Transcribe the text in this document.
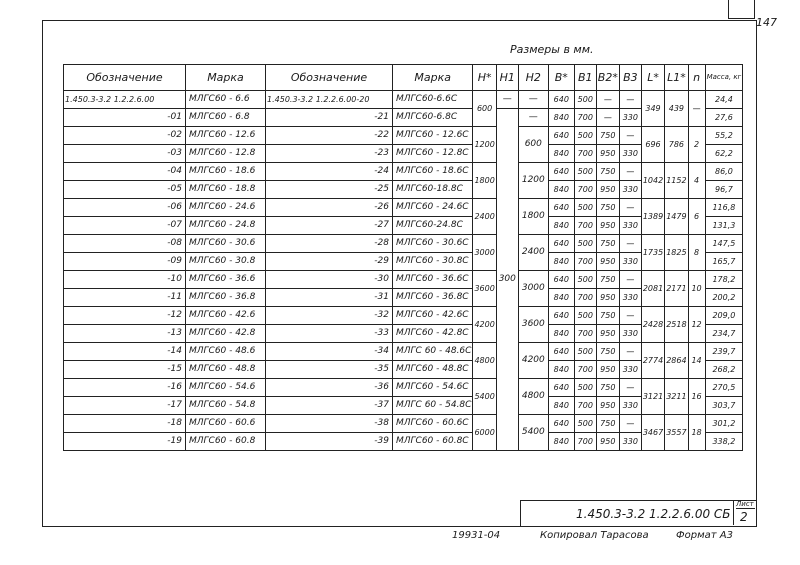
147
Размеры в мм.
Обозначение	Марка	Обозначение	Марка	H*	H1	H2	B*	B1	B2*	B3	L*	L1*	n	Масса, кг
1.450.3-3.2 1.2.2.6.00	МЛГС60 - 6.6	1.450.3-3.2 1.2.2.6.00-20	МЛГС60-6.6С	600	—	—	640	500	—	—	349	439	—	24,4
-01	МЛГС60 - 6.8	-21	МЛГС60-6.8С		300	—	840	700	—	330				27,6
-02	МЛГС60 - 12.6	-22	МЛГС60 - 12.6С	1200		600	640	500	750	—	696	786	2	55,2
-03	МЛГС60 - 12.8	-23	МЛГС60 - 12.8С				840	700	950	330				62,2
-04	МЛГС60 - 18.6	-24	МЛГС60 - 18.6С	1800		1200	640	500	750	—	1042	1152	4	86,0
-05	МЛГС60 - 18.8	-25	МЛГС60-18.8С				840	700	950	330				96,7
-06	МЛГС60 - 24.6	-26	МЛГС60 - 24.6С	2400		1800	640	500	750	—	1389	1479	6	116,8
-07	МЛГС60 - 24.8	-27	МЛГС60-24.8С				840	700	950	330				131,3
-08	МЛГС60 - 30.6	-28	МЛГС60 - 30.6С	3000		2400	640	500	750	—	1735	1825	8	147,5
-09	МЛГС60 - 30.8	-29	МЛГС60 - 30.8С				840	700	950	330				165,7
-10	МЛГС60 - 36.6	-30	МЛГС60 - 36.6С	3600		3000	640	500	750	—	2081	2171	10	178,2
-11	МЛГС60 - 36.8	-31	МЛГС60 - 36.8С				840	700	950	330				200,2
-12	МЛГС60 - 42.6	-32	МЛГС60 - 42.6С	4200		3600	640	500	750	—	2428	2518	12	209,0
-13	МЛГС60 - 42.8	-33	МЛГС60 - 42.8С				840	700	950	330				234,7
-14	МЛГС60 - 48.6	-34	МЛГС 60 - 48.6С	4800		4200	640	500	750	—	2774	2864	14	239,7
-15	МЛГС60 - 48.8	-35	МЛГС60 - 48.8С				840	700	950	330				268,2
-16	МЛГС60 - 54.6	-36	МЛГС60 - 54.6С	5400		4800	640	500	750	—	3121	3211	16	270,5
-17	МЛГС60 - 54.8	-37	МЛГС 60 - 54.8С				840	700	950	330				303,7
-18	МЛГС60 - 60.6	-38	МЛГС60 - 60.6С	6000		5400	640	500	750	—	3467	3557	18	301,2
-19	МЛГС60 - 60.8	-39	МЛГС60 - 60.8С				840	700	950	330				338,2
1.450.3-3.2 1.2.2.6.00 СБ
Лист
2
19931-04	Копировал Тарасова	Формат А3
